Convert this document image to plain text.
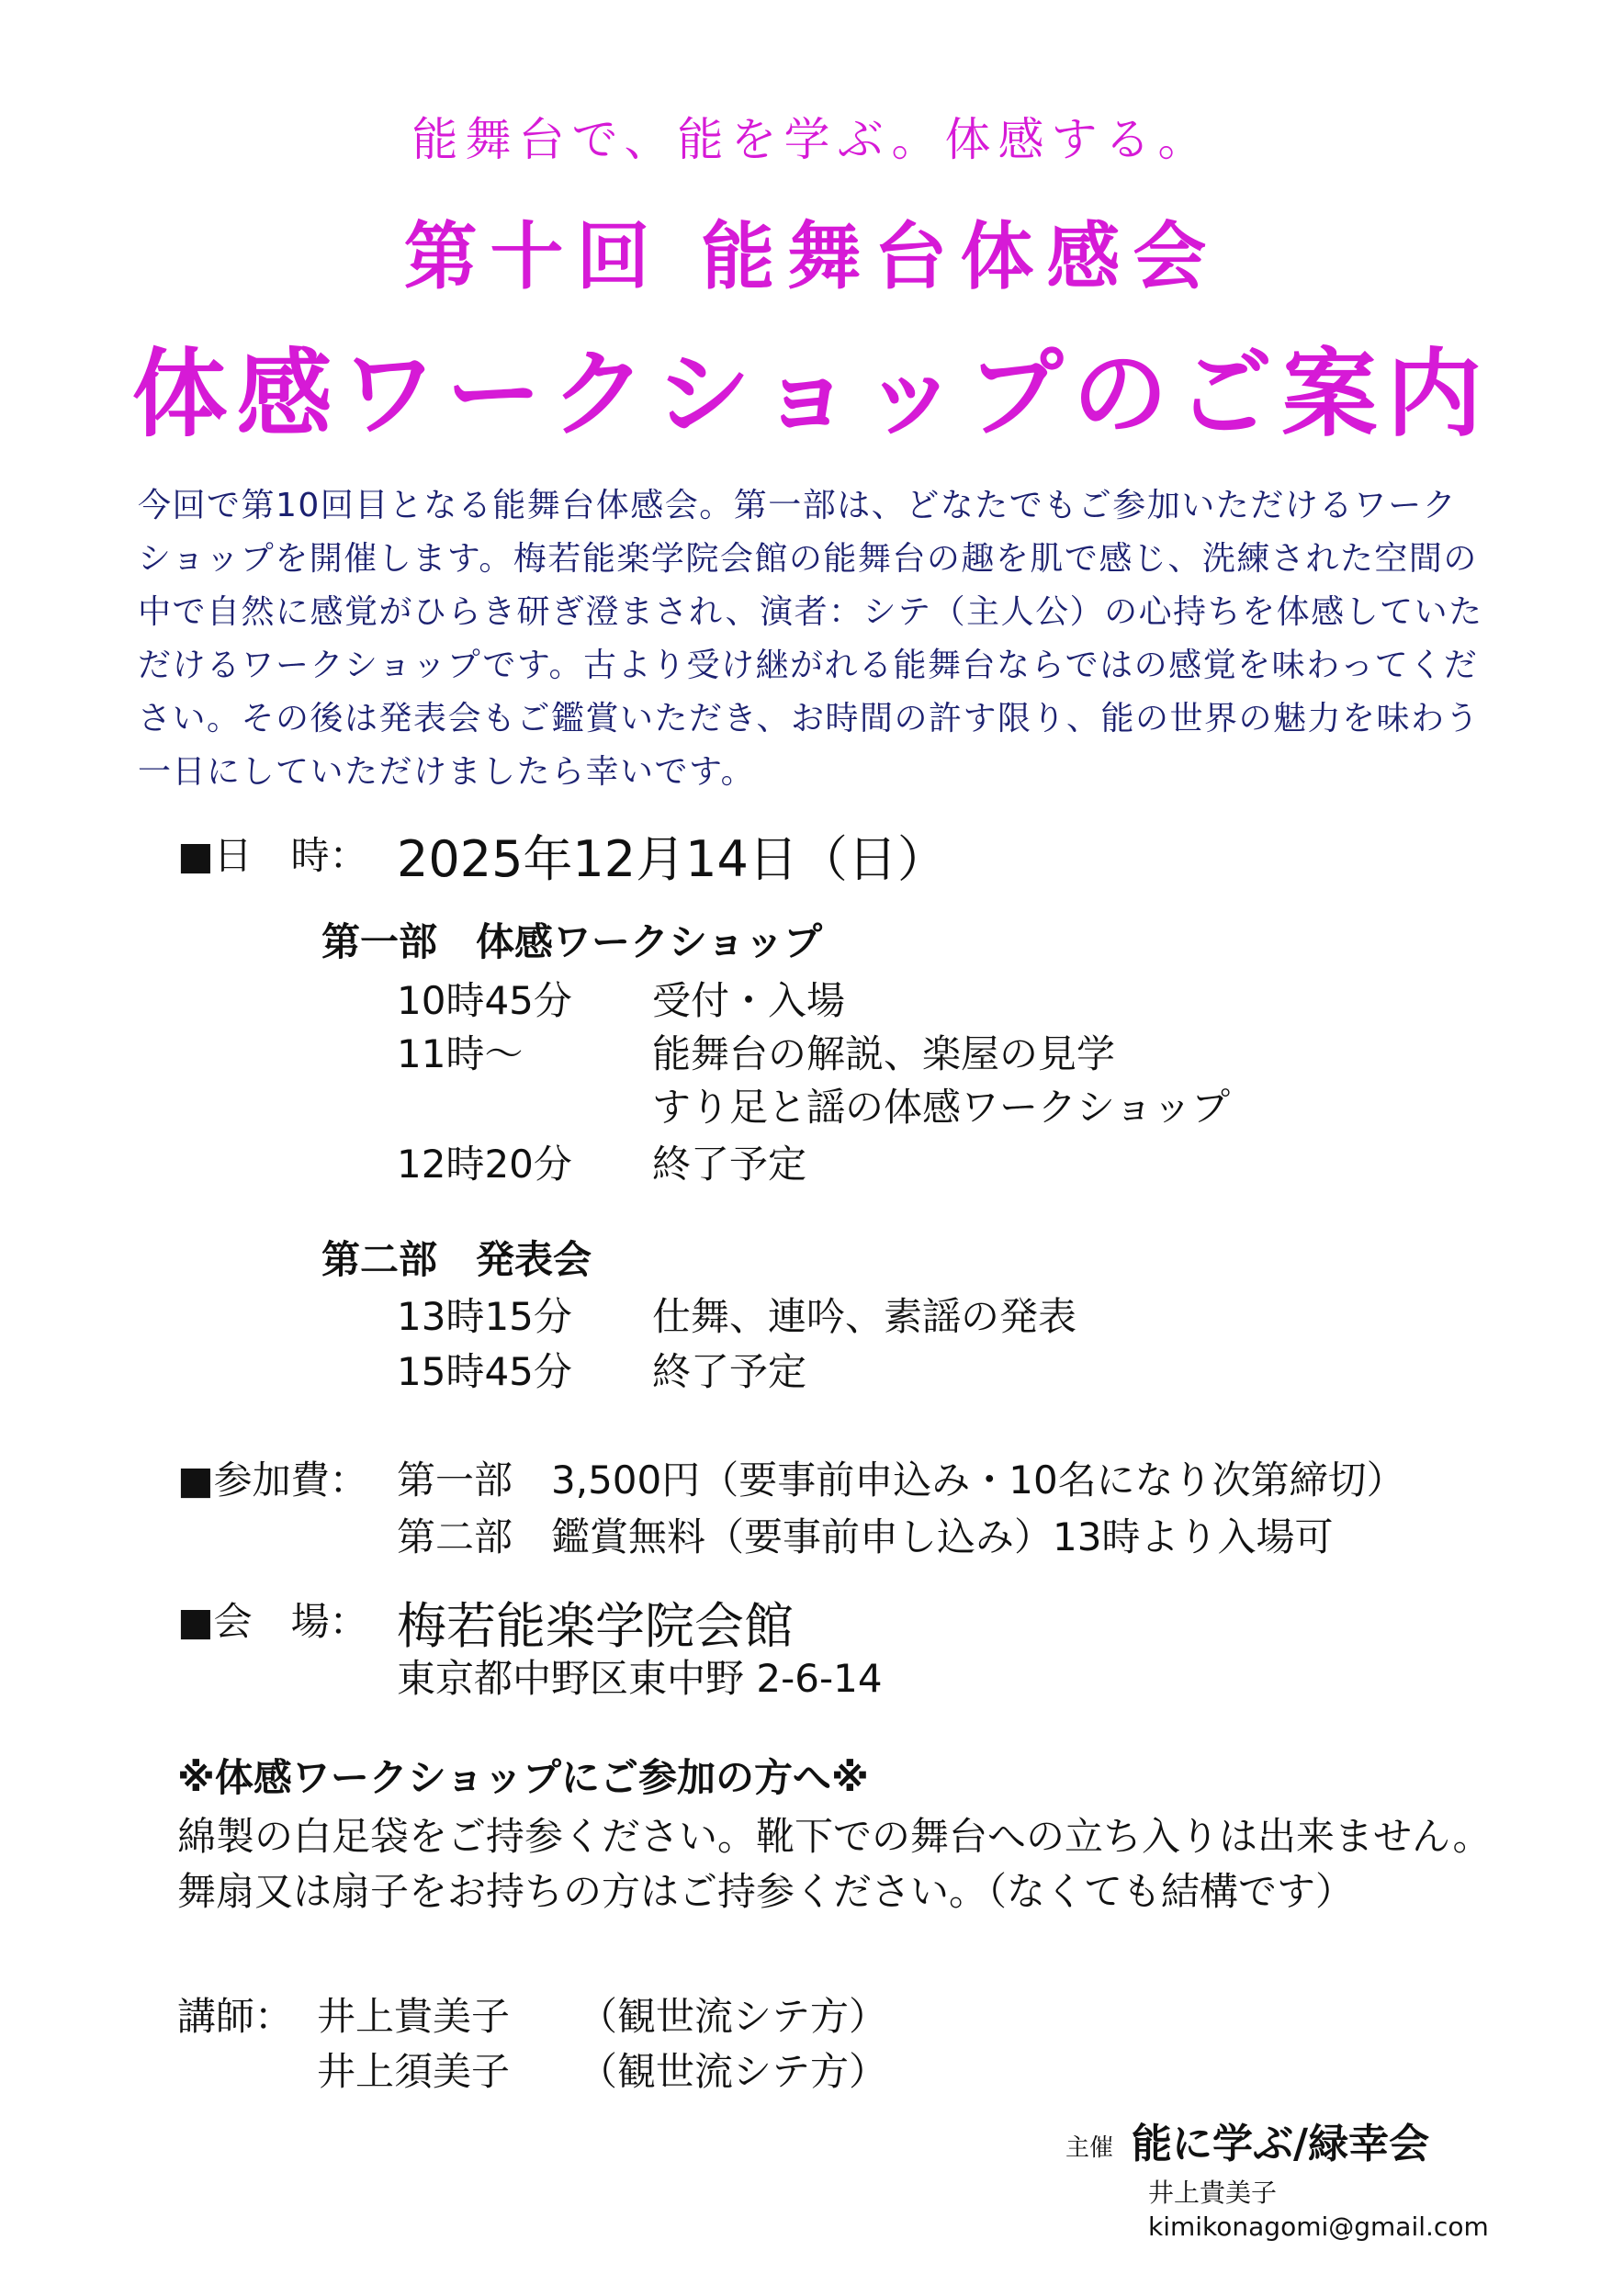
能舞台で、能を学ぶ。体感する。
第十回 能舞台体感会
体感ワークショップのご案内
今回で第10回目となる能舞台体感会。第一部は、どなたでもご参加いただけるワークショップを開催します。梅若能楽学院会館の能舞台の趣を肌で感じ、洗練された空間の中で自然に感覚がひらき研ぎ澄まされ、演者：シテ（主人公）の心持ちを体感していただけるワークショップです。古より受け継がれる能舞台ならではの感覚を味わってください。その後は発表会もご鑑賞いただき、お時間の許す限り、能の世界の魅力を味わう一日にしていただけましたら幸いです。
■日　時： 2025年12月14日（日）
第一部　体感ワークショップ
10時45分 受付・入場
11時～	能舞台の解説、楽屋の見学
すり足と謡の体感ワークショップ
12時20分 終了予定
第二部　発表会
13時15分 仕舞、連吟、素謡の発表
15時45分 終了予定
■参加費： 第一部　3,500円（要事前申込み・10名になり次第締切）
第二部　鑑賞無料（要事前申し込み）13時より入場可
■会　場： 梅若能楽学院会館
東京都中野区東中野 2-6-14
※体感ワークショップにご参加の方へ※
綿製の白足袋をご持参ください。靴下での舞台への立ち入りは出来ません。
舞扇又は扇子をお持ちの方はご持参ください。（なくても結構です）
講師： 井上貴美子 （観世流シテ方）
井上須美子 （観世流シテ方）
主催 能に学ぶ/緑幸会
井上貴美子
kimikonagomi@gmail.com
